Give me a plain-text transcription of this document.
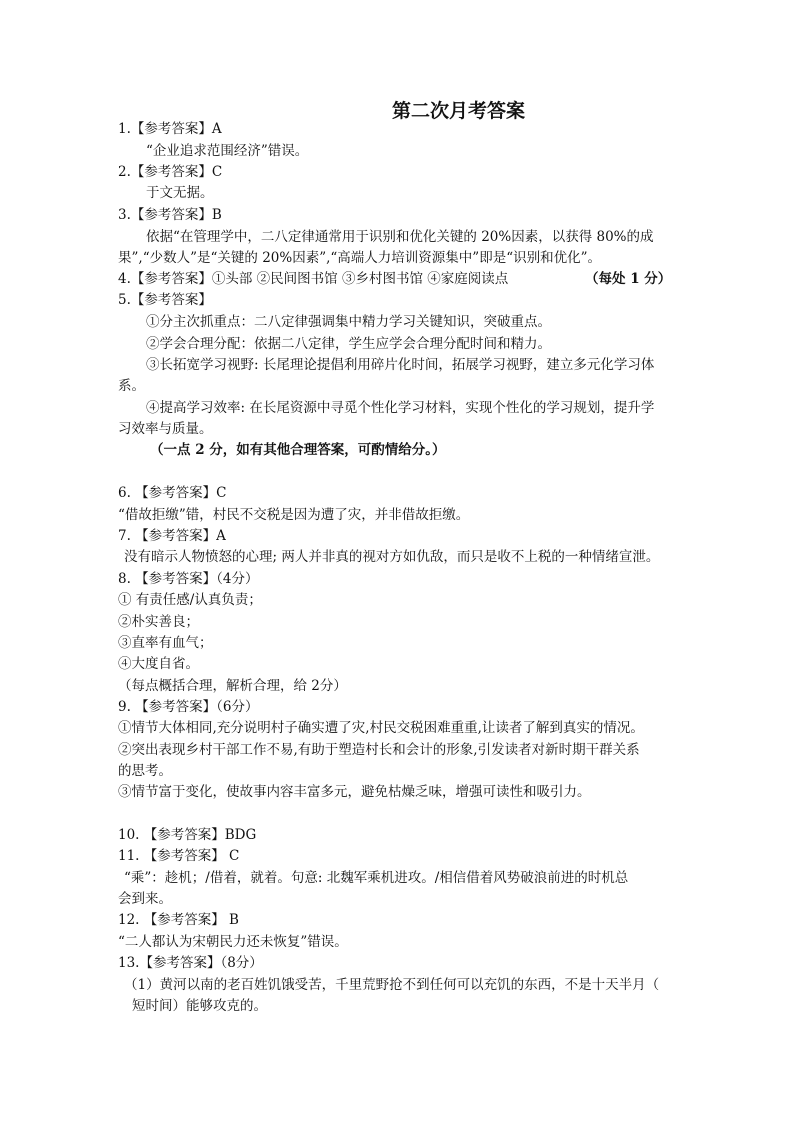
第二次月考答案
1.【参考答案】A
“企业追求范围经济”错误。
2.【参考答案】C
于文无据。
3.【参考答案】B
依据“在管理学中，二八定律通常用于识别和优化关键的 20%因素，以获得 80%的成
果”,“少数人”是“关键的 20%因素”,“高端人力培训资源集中”即是“识别和优化”。
4.【参考答案】①头部 ②民间图书馆 ③乡村图书馆 ④家庭阅读点	（每处 1 分）
5.【参考答案】
①分主次抓重点：二八定律强调集中精力学习关键知识，突破重点。
②学会合理分配：依据二八定律，学生应学会合理分配时间和精力。
③长拓宽学习视野: 长尾理论提倡利用碎片化时间，拓展学习视野，建立多元化学习体
系。
④提高学习效率: 在长尾资源中寻觅个性化学习材料，实现个性化的学习规划，提升学
习效率与质量。
（一点 2 分，如有其他合理答案，可酌情给分。）
6. 【参考答案】C
“借故拒缴”错，村民不交税是因为遭了灾，并非借故拒缴。
7. 【参考答案】A
没有暗示人物愤怒的心理; 两人并非真的视对方如仇敌，而只是收不上税的一种情绪宣泄。
8. 【参考答案】（4分）
① 有责任感/认真负责；
②朴实善良；
③直率有血气；
④大度自省。
（每点概括合理，解析合理，给 2分）
9. 【参考答案】（6分）
①情节大体相同,充分说明村子确实遭了灾,村民交税困难重重,让读者了解到真实的情况。
②突出表现乡村干部工作不易,有助于塑造村长和会计的形象,引发读者对新时期干群关系
的思考。
③情节富于变化，使故事内容丰富多元，避免枯燥乏味，增强可读性和吸引力。
10. 【参考答案】BDG
11. 【参考答案】 C
“乘”：趁机；/借着，就着。句意: 北魏军乘机进攻。/相信借着风势破浪前进的时机总
会到来。
12. 【参考答案】 B
“二人都认为宋朝民力还未恢复”错误。
13.【参考答案】（8分）
（1）黄河以南的老百姓饥饿受苦，千里荒野抢不到任何可以充饥的东西，不是十天半月（
短时间）能够攻克的。
